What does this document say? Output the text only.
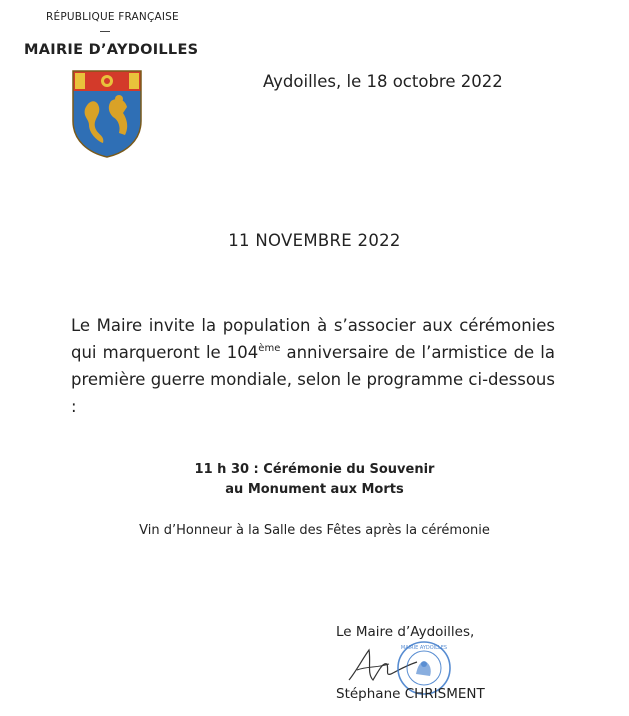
RÉPUBLIQUE FRANÇAISE
MAIRIE D’AYDOILLES
Aydoilles, le 18 octobre 2022
11 NOVEMBRE 2022

Le Maire invite la population à s’associer aux cérémonies qui marqueront le 104ème anniversaire de l’armistice de la première guerre mondiale, selon le programme ci-dessous :

11 h 30 : Cérémonie du Souvenir
au Monument aux Morts
Vin d’Honneur à la Salle des Fêtes après la cérémonie
Le Maire d’Aydoilles,
MAIRIE AYDOILLES
Stéphane CHRISMENT
